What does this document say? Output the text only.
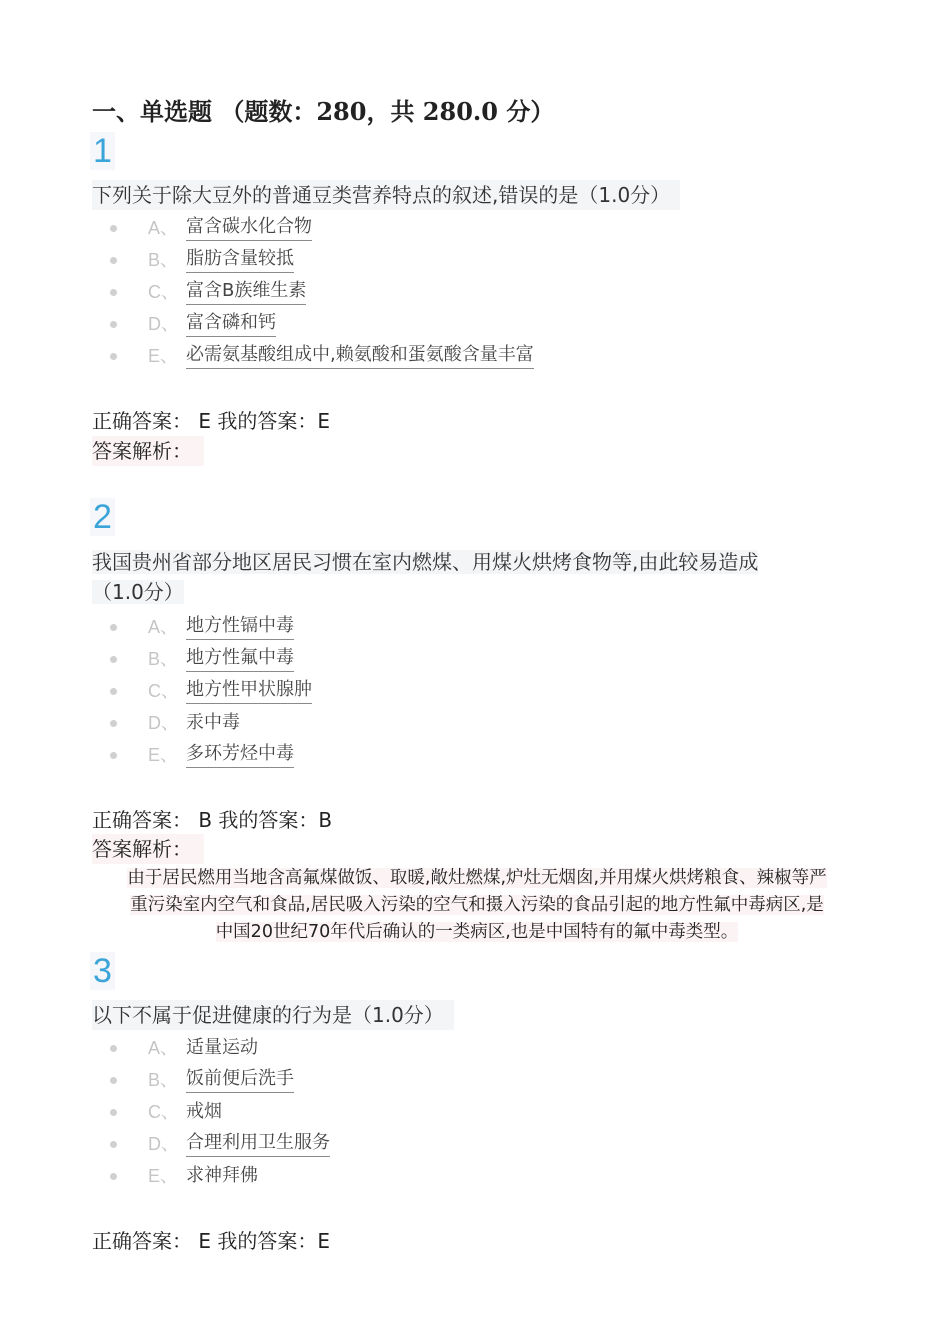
一、单选题 （题数：280，共 280.0 分）
1
下列关于除大豆外的普通豆类营养特点的叙述,错误的是（1.0分）
A、 富含碳水化合物
B、 脂肪含量较抵
C、 富含B族维生素
D、 富含磷和钙
E、 必需氨基酸组成中,赖氨酸和蛋氨酸含量丰富
正确答案： E 我的答案：E
答案解析：
2
我国贵州省部分地区居民习惯在室内燃煤、用煤火烘烤食物等,由此较易造成
（1.0分）
A、 地方性镉中毒
B、 地方性氟中毒
C、 地方性甲状腺肿
D、 汞中毒
E、 多环芳烃中毒
正确答案： B 我的答案：B
答案解析：
由于居民燃用当地含高氟煤做饭、取暖,敞灶燃煤,炉灶无烟囱,并用煤火烘烤粮食、辣椒等严
重污染室内空气和食品,居民吸入污染的空气和摄入污染的食品引起的地方性氟中毒病区,是
中国20世纪70年代后确认的一类病区,也是中国特有的氟中毒类型。
3
以下不属于促进健康的行为是（1.0分）
A、 适量运动
B、 饭前便后洗手
C、 戒烟
D、 合理利用卫生服务
E、 求神拜佛
正确答案： E 我的答案：E
